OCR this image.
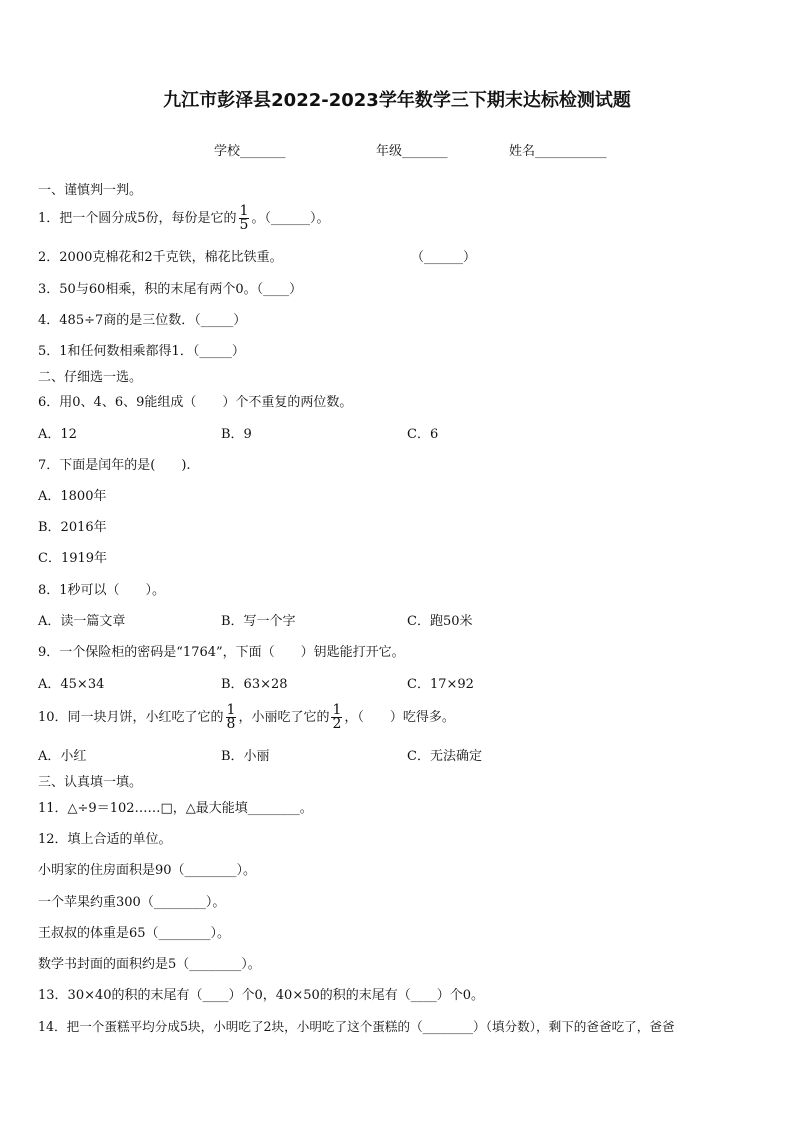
九江市彭泽县2022-2023学年数学三下期末达标检测试题
学校_______	年级_______	姓名___________
一、谨慎判一判。
1．把一个圆分成5份，每份是它的 $\frac{1}{5}$ 。（______）。
2．2000克棉花和2千克铁，棉花比铁重。	（______）
3．50与60相乘，积的末尾有两个0。（____）
4．485÷7商的是三位数．（_____）
5．1和任何数相乘都得1．（_____）
二、仔细选一选。
6．用0、4、6、9能组成（　　）个不重复的两位数。
A．12	B．9	C．6
7．下面是闰年的是(　　).
A．1800年
B．2016年
C．1919年
8．1秒可以（　　）。
A．读一篇文章	B．写一个字	C．跑50米
9．一个保险柜的密码是“1764”，下面（　　）钥匙能打开它。
A．45×34	B．63×28	C．17×92
10．同一块月饼，小红吃了它的 $\frac{1}{8}$ ，小丽吃了它的 $\frac{1}{2}$ ，（　　）吃得多。
A．小红	B．小丽	C．无法确定
三、认真填一填。
11．△÷9＝102……□，△最大能填________。
12．填上合适的单位。
小明家的住房面积是90（________）。
一个苹果约重300（________）。
王叔叔的体重是65（________）。
数学书封面的面积约是5（________）。
13．30×40的积的末尾有（____）个0，40×50的积的末尾有（____）个0。
14．把一个蛋糕平均分成5块，小明吃了2块，小明吃了这个蛋糕的（________）（填分数），剩下的爸爸吃了，爸爸
